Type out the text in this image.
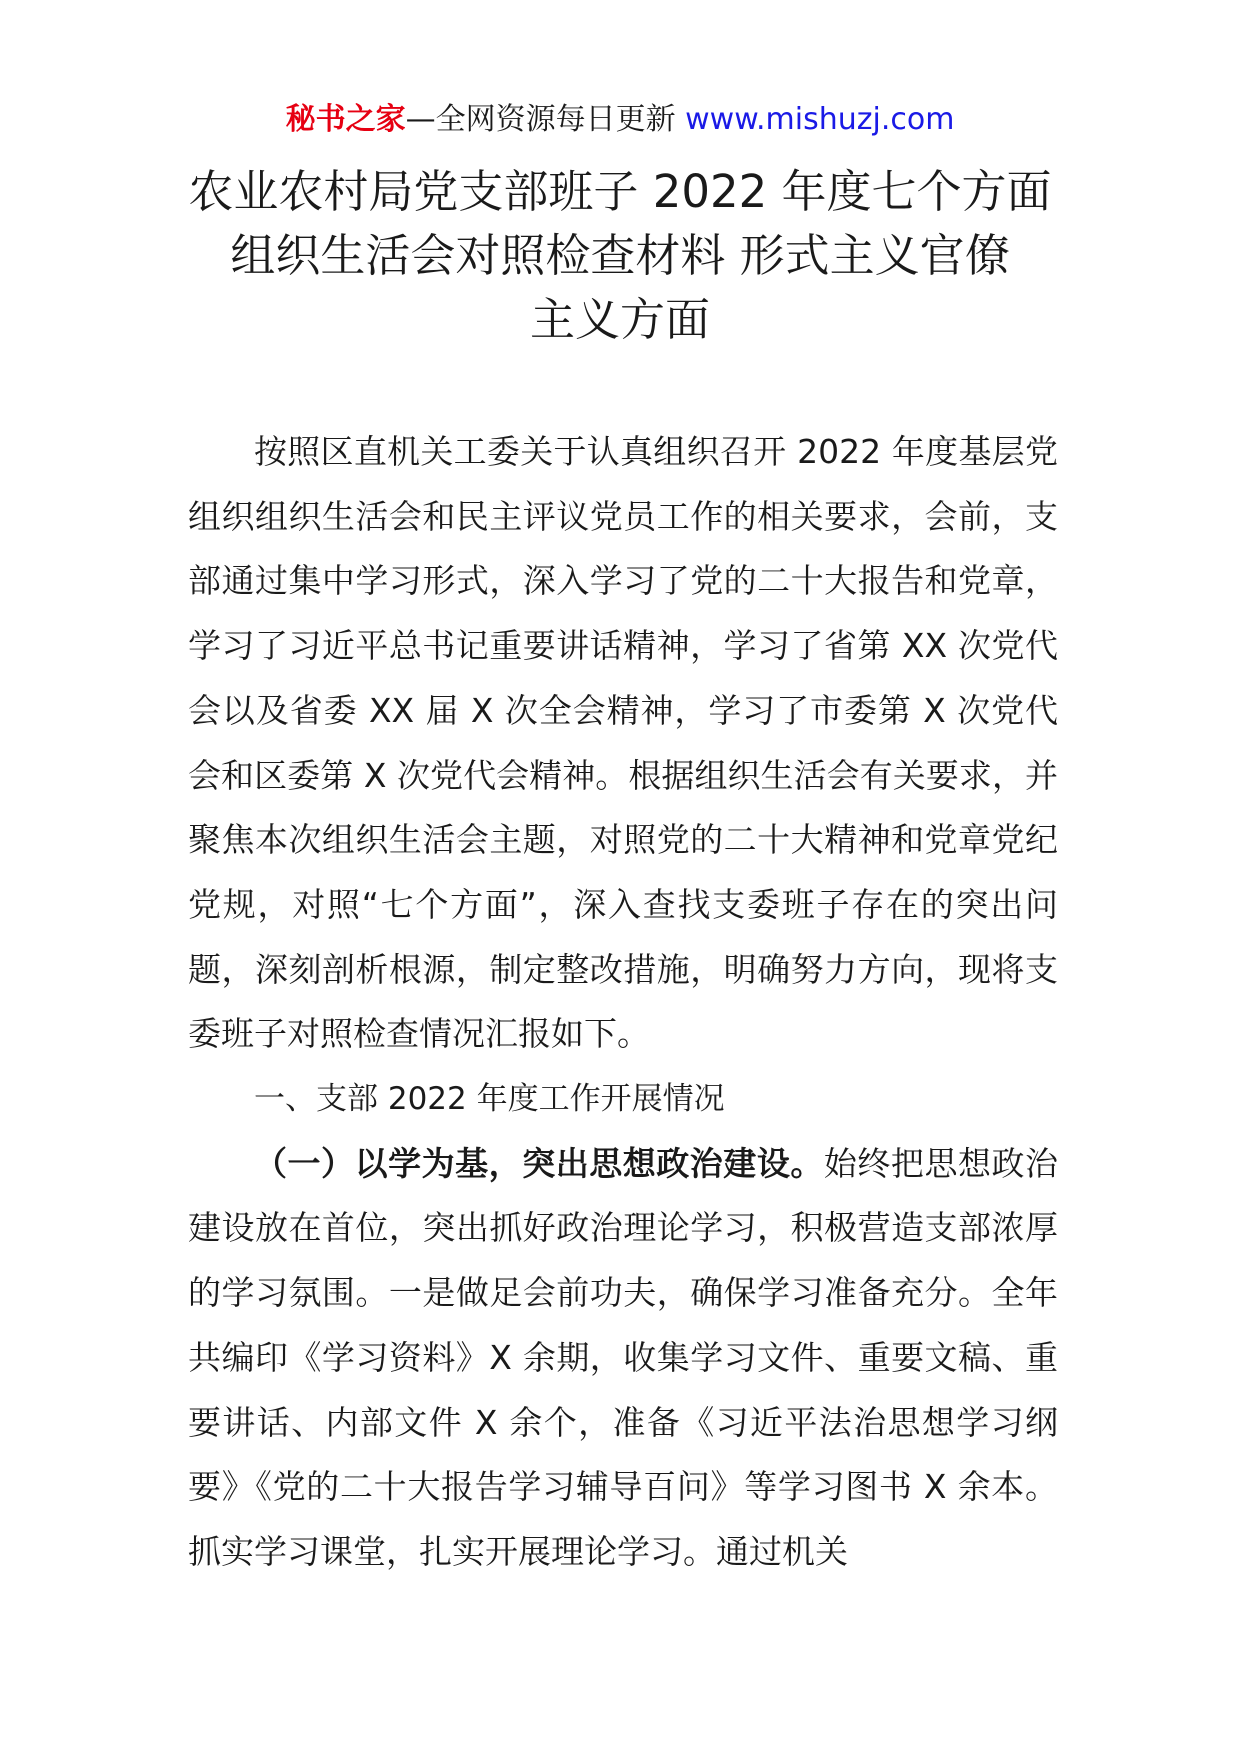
秘书之家—全网资源每日更新 www.mishuzj.com
农业农村局党支部班子 2022 年度七个方面
组织生活会对照检查材料 形式主义官僚
主义方面

按照区直机关工委关于认真组织召开 2022 年度基层党组织组织生活会和民主评议党员工作的相关要求，会前，支部通过集中学习形式，深入学习了党的二十大报告和党章，学习了习近平总书记重要讲话精神，学习了省第 XX 次党代会以及省委 XX 届 X 次全会精神，学习了市委第 X 次党代会和区委第 X 次党代会精神。根据组织生活会有关要求，并聚焦本次组织生活会主题，对照党的二十大精神和党章党纪党规，对照“七个方面”，深入查找支委班子存在的突出问题，深刻剖析根源，制定整改措施，明确努力方向，现将支委班子对照检查情况汇报如下。

一、支部 2022 年度工作开展情况

（一）以学为基，突出思想政治建设。始终把思想政治建设放在首位，突出抓好政治理论学习，积极营造支部浓厚的学习氛围。一是做足会前功夫，确保学习准备充分。全年共编印《学习资料》X 余期，收集学习文件、重要文稿、重要讲话、内部文件 X 余个，准备《习近平法治思想学习纲要》《党的二十大报告学习辅导百问》等学习图书 X 余本。抓实学习课堂，扎实开展理论学习。通过机关
